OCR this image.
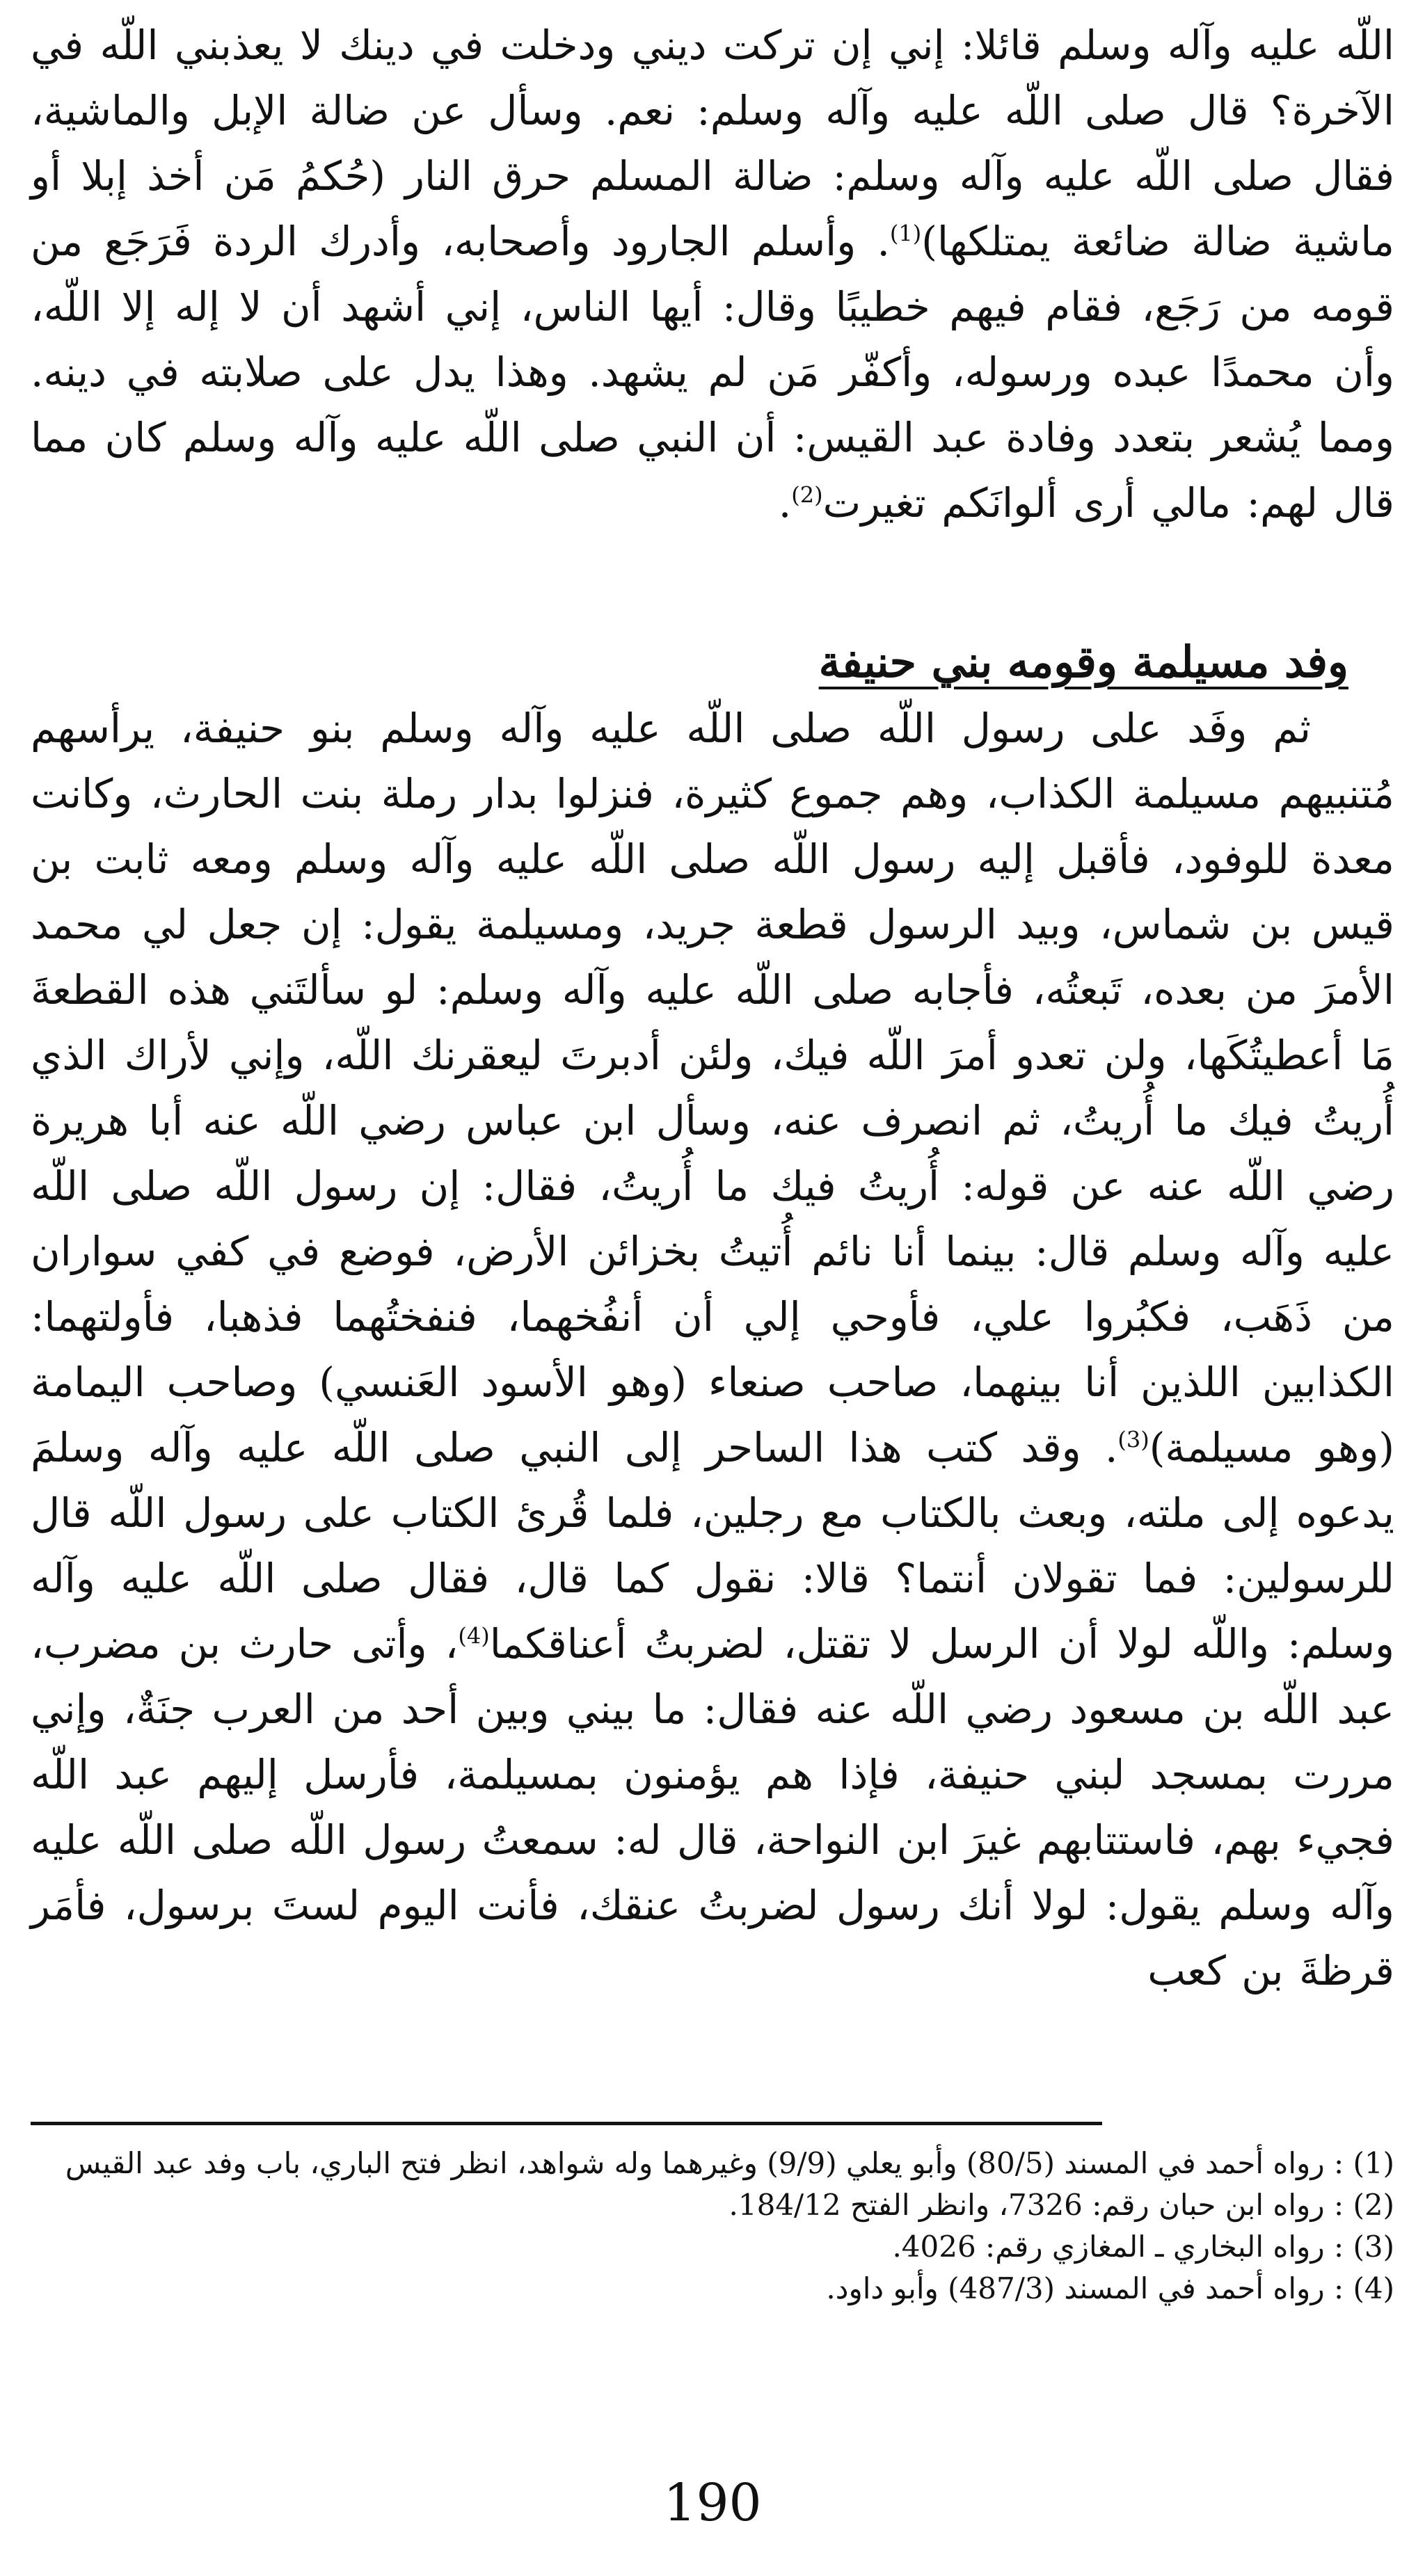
اللّه عليه وآله وسلم قائلا: إني إن تركت ديني ودخلت في دينك لا يعذبني اللّه في الآخرة؟ قال صلى اللّه عليه وآله وسلم: نعم. وسأل عن ضالة الإبل والماشية، فقال صلى اللّه عليه وآله وسلم: ضالة المسلم حرق النار (حُكمُ مَن أخذ إبلا أو ماشية ضالة ضائعة يمتلكها)$^{(1)}$. وأسلم الجارود وأصحابه، وأدرك الردة فَرَجَع من قومه من رَجَع، فقام فيهم خطيبًا وقال: أيها الناس، إني أشهد أن لا إله إلا اللّه، وأن محمدًا عبده ورسوله، وأكفّر مَن لم يشهد. وهذا يدل على صلابته في دينه. ومما يُشعر بتعدد وفادة عبد القيس: أن النبي صلى اللّه عليه وآله وسلم كان مما قال لهم: مالي أرى ألوانَكم تغيرت$^{(2)}$.

وفد مسيلمة وقومه بني حنيفة

ثم وفَد على رسول اللّه صلى اللّه عليه وآله وسلم بنو حنيفة، يرأسهم مُتنبيهم مسيلمة الكذاب، وهم جموع كثيرة، فنزلوا بدار رملة بنت الحارث، وكانت معدة للوفود، فأقبل إليه رسول اللّه صلى اللّه عليه وآله وسلم ومعه ثابت بن قيس بن شماس، وبيد الرسول قطعة جريد، ومسيلمة يقول: إن جعل لي محمد الأمرَ من بعده، تَبعتُه، فأجابه صلى اللّه عليه وآله وسلم: لو سألتَني هذه القطعةَ مَا أعطيتُكَها، ولن تعدو أمرَ اللّه فيك، ولئن أدبرتَ ليعقرنك اللّه، وإني لأراك الذي أُريتُ فيك ما أُريتُ، ثم انصرف عنه، وسأل ابن عباس رضي اللّه عنه أبا هريرة رضي اللّه عنه عن قوله: أُريتُ فيك ما أُريتُ، فقال: إن رسول اللّه صلى اللّه عليه وآله وسلم قال: بينما أنا نائم أُتيتُ بخزائن الأرض، فوضع في كفي سواران من ذَهَب، فكبُروا علي، فأوحي إلي أن أنفُخهما، فنفختُهما فذهبا، فأولتهما: الكذابين اللذين أنا بينهما، صاحب صنعاء (وهو الأسود العَنسي) وصاحب اليمامة (وهو مسيلمة)$^{(3)}$. وقد كتب هذا الساحر إلى النبي صلى اللّه عليه وآله وسلمَ يدعوه إلى ملته، وبعث بالكتاب مع رجلين، فلما قُرئ الكتاب على رسول اللّه قال للرسولين: فما تقولان أنتما؟ قالا: نقول كما قال، فقال صلى اللّه عليه وآله وسلم: واللّه لولا أن الرسل لا تقتل، لضربتُ أعناقكما$^{(4)}$، وأتى حارث بن مضرب، عبد اللّه بن مسعود رضي اللّه عنه فقال: ما بيني وبين أحد من العرب جنَةٌ، وإني مررت بمسجد لبني حنيفة، فإذا هم يؤمنون بمسيلمة، فأرسل إليهم عبد اللّه فجيء بهم، فاستتابهم غيرَ ابن النواحة، قال له: سمعتُ رسول اللّه صلى اللّه عليه وآله وسلم يقول: لولا أنك رسول لضربتُ عنقك، فأنت اليوم لستَ برسول، فأمَر قرظةَ بن كعب

(1) : رواه أحمد في المسند (80/5) وأبو يعلي (9/9) وغيرهما وله شواهد، انظر فتح الباري، باب وفد عبد القيس
(2) : رواه ابن حبان رقم: 7326، وانظر الفتح 184/12.
(3) : رواه البخاري ـ المغازي رقم: 4026.
(4) : رواه أحمد في المسند (487/3) وأبو داود.
190
